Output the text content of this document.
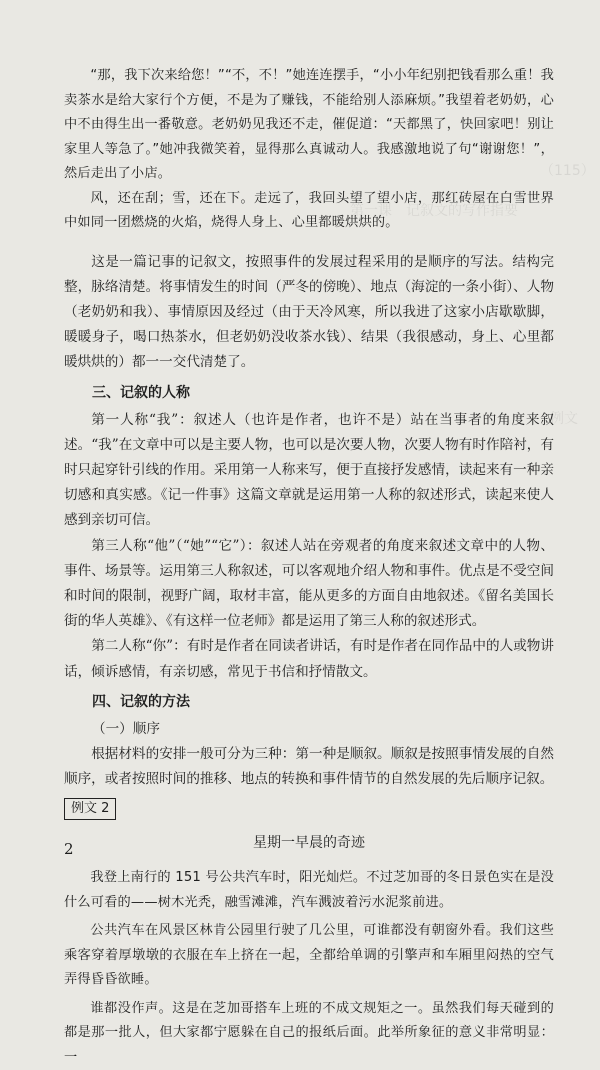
第一课　记叙文的写作指要
（115）
例文

“那，我下次来给您！”“不，不！”她连连摆手，“小小年纪别把钱看那么重！我卖茶水是给大家行个方便，不是为了赚钱，不能给别人添麻烦。”我望着老奶奶，心中不由得生出一番敬意。老奶奶见我还不走，催促道：“天都黑了，快回家吧！别让家里人等急了。”她冲我微笑着，显得那么真诚动人。我感激地说了句“谢谢您！”，然后走出了小店。

风，还在刮；雪，还在下。走远了，我回头望了望小店，那红砖屋在白雪世界中如同一团燃烧的火焰，烧得人身上、心里都暖烘烘的。

这是一篇记事的记叙文，按照事件的发展过程采用的是顺序的写法。结构完整，脉络清楚。将事情发生的时间（严冬的傍晚）、地点（海淀的一条小街）、人物（老奶奶和我）、事情原因及经过（由于天冷风寒，所以我进了这家小店歇歇脚，暖暖身子，喝口热茶水，但老奶奶没收茶水钱）、结果（我很感动，身上、心里都暖烘烘的）都一一交代清楚了。

三、记叙的人称

第一人称“我”：叙述人（也许是作者，也许不是）站在当事者的角度来叙述。“我”在文章中可以是主要人物，也可以是次要人物，次要人物有时作陪衬，有时只起穿针引线的作用。采用第一人称来写，便于直接抒发感情，读起来有一种亲切感和真实感。《记一件事》这篇文章就是运用第一人称的叙述形式，读起来使人感到亲切可信。

第三人称“他”（“她”“它”）：叙述人站在旁观者的角度来叙述文章中的人物、事件、场景等。运用第三人称叙述，可以客观地介绍人物和事件。优点是不受空间和时间的限制，视野广阔，取材丰富，能从更多的方面自由地叙述。《留名美国长街的华人英雄》、《有这样一位老师》都是运用了第三人称的叙述形式。

第二人称“你”：有时是作者在同读者讲话，有时是作者在同作品中的人或物讲话，倾诉感情，有亲切感，常见于书信和抒情散文。

四、记叙的方法

（一）顺序

根据材料的安排一般可分为三种：第一种是顺叙。顺叙是按照事情发展的自然顺序，或者按照时间的推移、地点的转换和事件情节的自然发展的先后顺序记叙。

例文 2

星期一早晨的奇迹

我登上南行的 151 号公共汽车时，阳光灿烂。不过芝加哥的冬日景色实在是没什么可看的——树木光秃，融雪滩滩，汽车溅波着污水泥浆前进。

公共汽车在风景区林肯公园里行驶了几公里，可谁都没有朝窗外看。我们这些乘客穿着厚墩墩的衣服在车上挤在一起，全都给单调的引擎声和车厢里闷热的空气弄得昏昏欲睡。

谁都没作声。这是在芝加哥搭车上班的不成文规矩之一。虽然我们每天碰到的都是那一批人，但大家都宁愿躲在自己的报纸后面。此举所象征的意义非常明显：一

2
